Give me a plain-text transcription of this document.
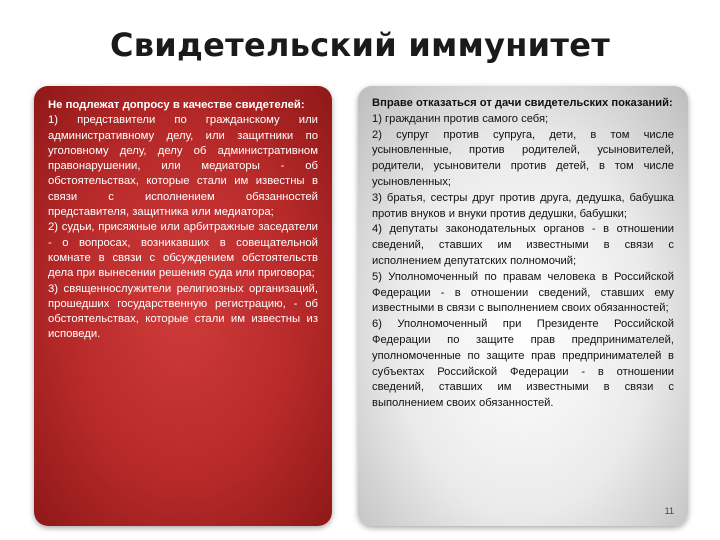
Свидетельский иммунитет

Не подлежат допросу в качестве свидетелей:

1) представители по гражданскому или административному делу, или защитники по уголовному делу, делу об административном правонарушении, или медиаторы - об обстоятельствах, которые стали им известны в связи с исполнением обязанностей представителя, защитника или медиатора;

2) судьи, присяжные или арбитражные заседатели - о вопросах, возникавших в совещательной комнате в связи с обсуждением обстоятельств дела при вынесении решения суда или приговора;

3) священнослужители религиозных организаций, прошедших государственную регистрацию, - об обстоятельствах, которые стали им известны из исповеди.

Вправе отказаться от дачи свидетельских показаний:

1) гражданин против самого себя;

2) супруг против супруга, дети, в том числе усыновленные, против родителей, усыновителей, родители, усыновители против детей, в том числе усыновленных;

3) братья, сестры друг против друга, дедушка, бабушка против внуков и внуки против дедушки, бабушки;

4) депутаты законодательных органов - в отношении сведений, ставших им известными в связи с исполнением депутатских полномочий;

5) Уполномоченный по правам человека в Российской Федерации - в отношении сведений, ставших ему известными в связи с выполнением своих обязанностей;

6) Уполномоченный при Президенте Российской Федерации по защите прав предпринимателей, уполномоченные по защите прав предпринимателей в субъектах Российской Федерации - в отношении сведений, ставших им известными в связи с выполнением своих обязанностей.

11
